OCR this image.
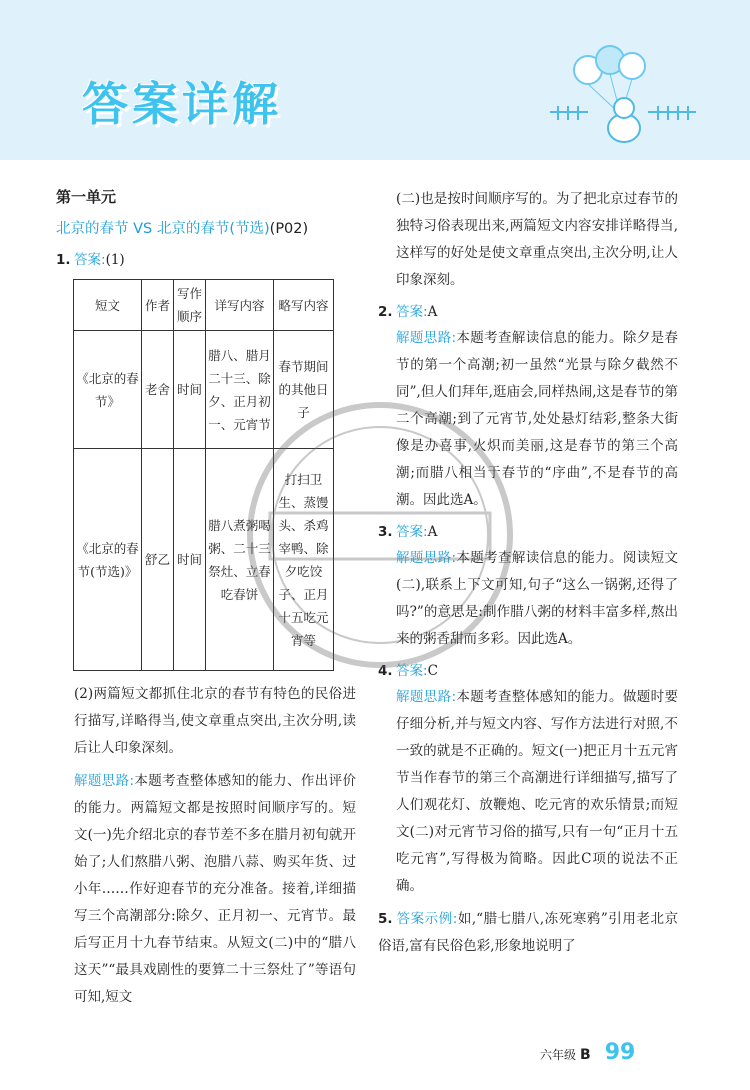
答案详解
第一单元
北京的春节 VS 北京的春节(节选)(P02)
1. 答案:(1)
短文	作者	写作顺序	详写内容	略写内容
《北京的春节》	老舍	时间	腊八、腊月二十三、除夕、正月初一、元宵节	春节期间的其他日子
《北京的春节(节选)》	舒乙	时间	腊八煮粥喝粥、二十三祭灶、立春吃春饼	打扫卫生、蒸馒头、杀鸡宰鸭、除夕吃饺子、正月十五吃元宵等
(2)两篇短文都抓住北京的春节有特色的民俗进行描写,详略得当,使文章重点突出,主次分明,读后让人印象深刻。
解题思路:本题考查整体感知的能力、作出评价的能力。两篇短文都是按照时间顺序写的。短文(一)先介绍北京的春节差不多在腊月初旬就开始了;人们熬腊八粥、泡腊八蒜、购买年货、过小年……作好迎春节的充分准备。接着,详细描写三个高潮部分:除夕、正月初一、元宵节。最后写正月十九春节结束。从短文(二)中的“腊八这天”“最具戏剧性的要算二十三祭灶了”等语句可知,短文
(二)也是按时间顺序写的。为了把北京过春节的独特习俗表现出来,两篇短文内容安排详略得当,这样写的好处是使文章重点突出,主次分明,让人印象深刻。
2. 答案:A
解题思路:本题考查解读信息的能力。除夕是春节的第一个高潮;初一虽然“光景与除夕截然不同”,但人们拜年,逛庙会,同样热闹,这是春节的第二个高潮;到了元宵节,处处悬灯结彩,整条大街像是办喜事,火炽而美丽,这是春节的第三个高潮;而腊八相当于春节的“序曲”,不是春节的高潮。因此选A。
3. 答案:A
解题思路:本题考查解读信息的能力。阅读短文(二),联系上下文可知,句子“这么一锅粥,还得了吗?”的意思是:制作腊八粥的材料丰富多样,熬出来的粥香甜而多彩。因此选A。
4. 答案:C
解题思路:本题考查整体感知的能力。做题时要仔细分析,并与短文内容、写作方法进行对照,不一致的就是不正确的。短文(一)把正月十五元宵节当作春节的第三个高潮进行详细描写,描写了人们观花灯、放鞭炮、吃元宵的欢乐情景;而短文(二)对元宵节习俗的描写,只有一句“正月十五吃元宵”,写得极为简略。因此C项的说法不正确。
5. 答案示例:如,“腊七腊八,冻死寒鸦”引用老北京俗语,富有民俗色彩,形象地说明了
六年级 B 99
